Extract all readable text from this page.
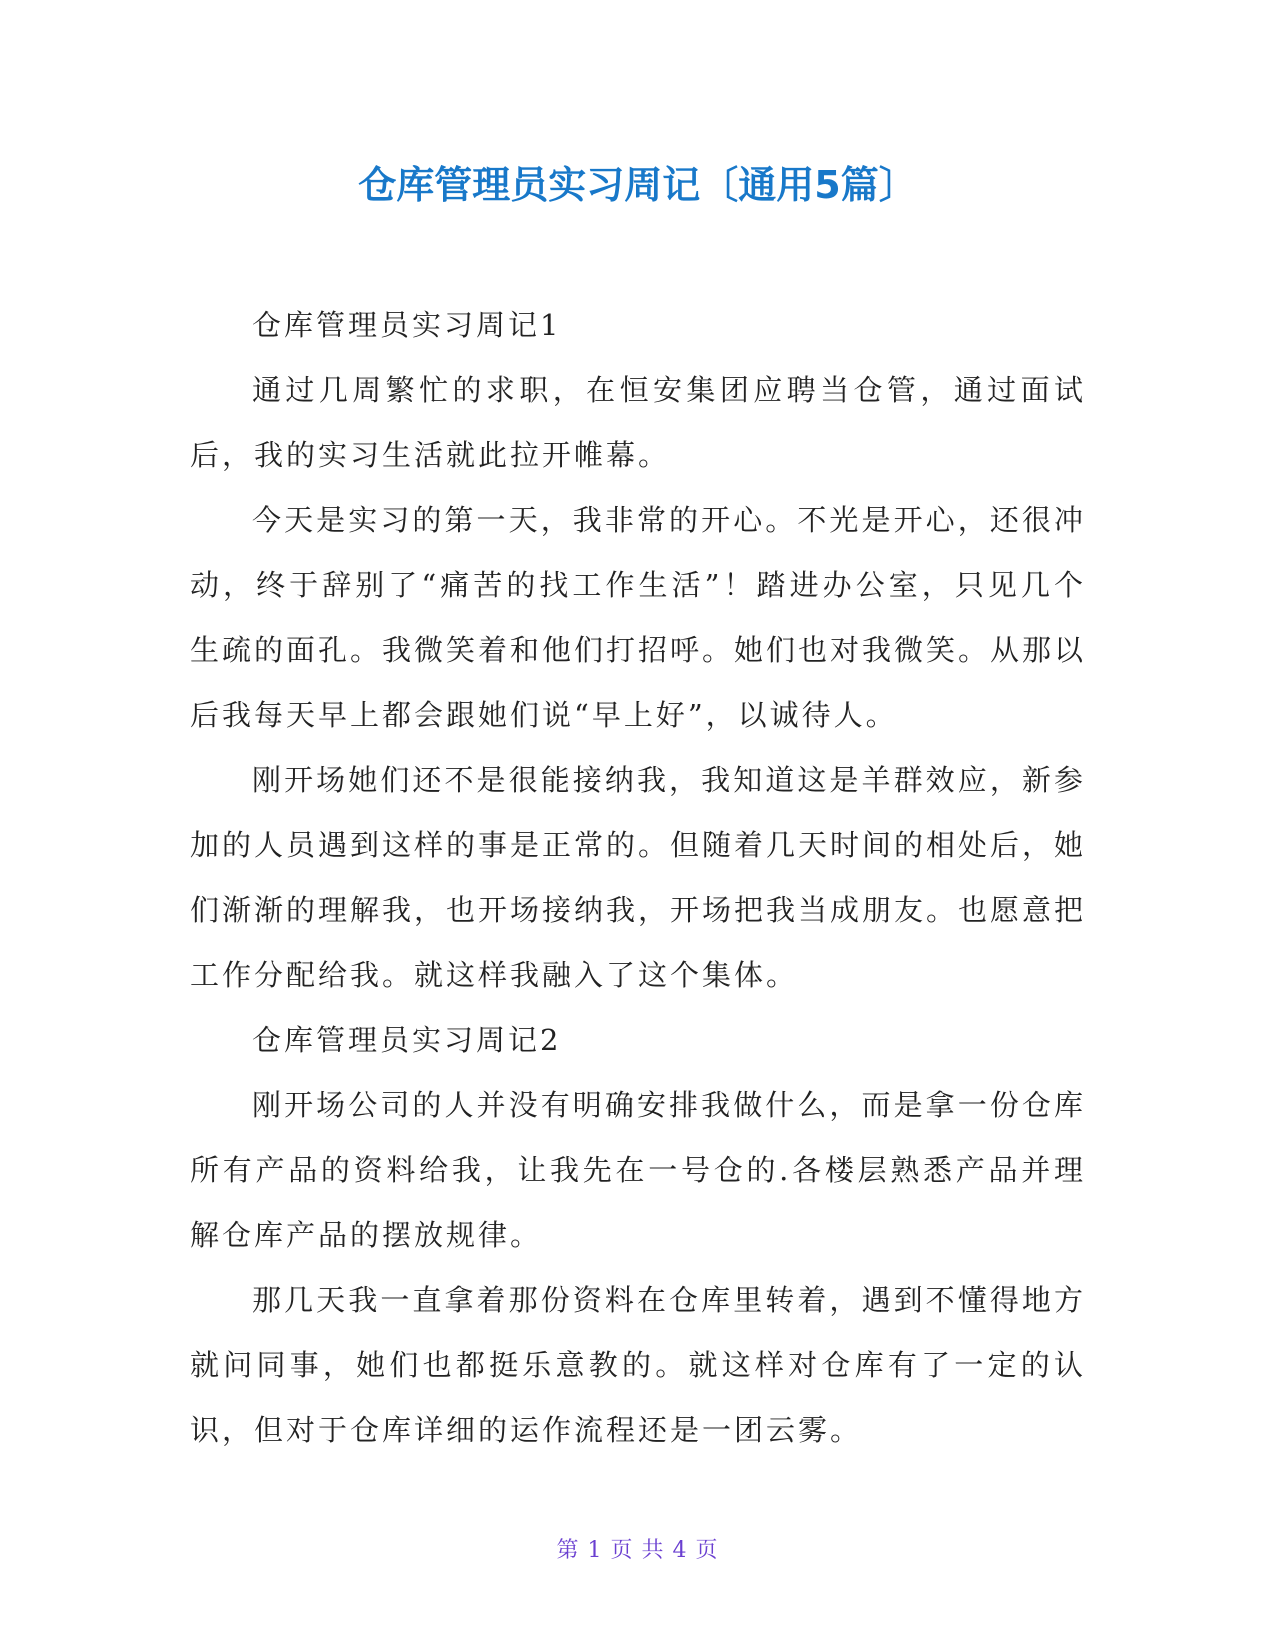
仓库管理员实习周记〔通用5篇〕

仓库管理员实习周记1

通过几周繁忙的求职，在恒安集团应聘当仓管，通过面试后，我的实习生活就此拉开帷幕。

今天是实习的第一天，我非常的开心。不光是开心，还很冲动，终于辞别了“痛苦的找工作生活”！踏进办公室，只见几个生疏的面孔。我微笑着和他们打招呼。她们也对我微笑。从那以后我每天早上都会跟她们说“早上好”，以诚待人。

刚开场她们还不是很能接纳我，我知道这是羊群效应，新参加的人员遇到这样的事是正常的。但随着几天时间的相处后，她们渐渐的理解我，也开场接纳我，开场把我当成朋友。也愿意把工作分配给我。就这样我融入了这个集体。

仓库管理员实习周记2

刚开场公司的人并没有明确安排我做什么，而是拿一份仓库所有产品的资料给我，让我先在一号仓的.各楼层熟悉产品并理解仓库产品的摆放规律。

那几天我一直拿着那份资料在仓库里转着，遇到不懂得地方就问同事，她们也都挺乐意教的。就这样对仓库有了一定的认识，但对于仓库详细的运作流程还是一团云雾。

第 1 页 共 4 页
